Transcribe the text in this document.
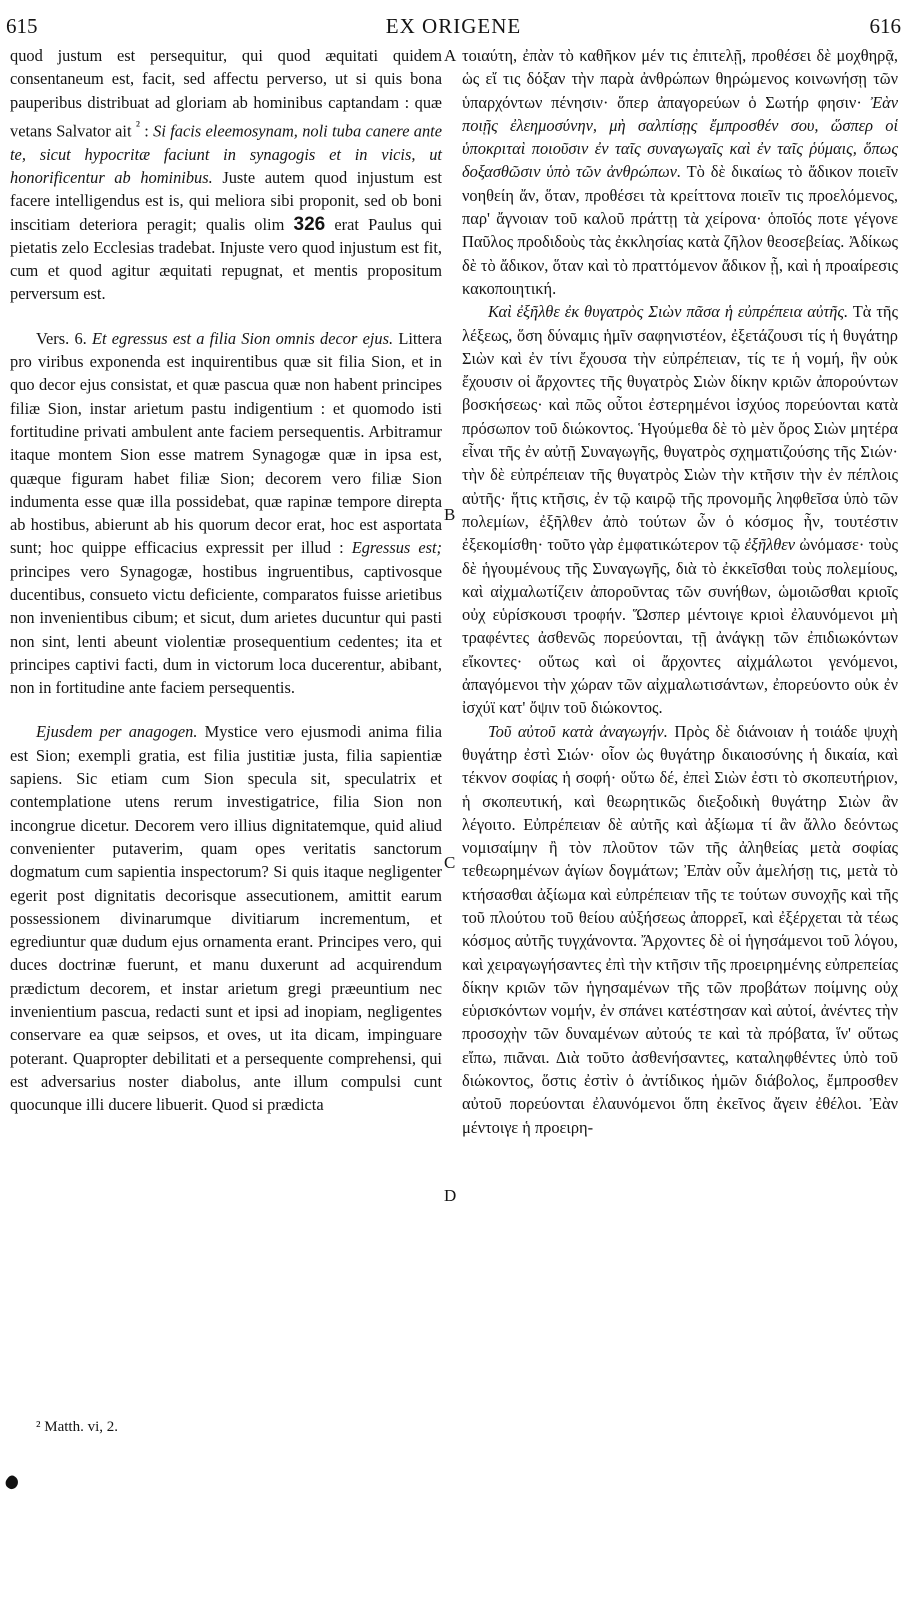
615	EX ORIGENE	616

quod justum est persequitur, qui quod æquitati quidem consentaneum est, facit, sed affectu perverso, ut si quis bona pauperibus distribuat ad gloriam ab hominibus captandam : quæ vetans Salvator ait $^{^2}$ : Si facis eleemosynam, noli tuba canere ante te, sicut hypocritæ faciunt in synagogis et in vicis, ut honorificentur ab hominibus. Juste autem quod injustum est facere intelligendus est is, qui meliora sibi proponit, sed ob boni inscitiam deteriora peragit; qualis olim 326 erat Paulus qui pietatis zelo Ecclesias tradebat. Injuste vero quod injustum est fit, cum et quod agitur æquitati repugnat, et mentis propositum perversum est.

Vers. 6. Et egressus est a filia Sion omnis decor ejus. Littera pro viribus exponenda est inquirentibus quæ sit filia Sion, et in quo decor ejus consistat, et quæ pascua quæ non habent principes filiæ Sion, instar arietum pastu indigentium : et quomodo isti fortitudine privati ambulent ante faciem persequentis. Arbitramur itaque montem Sion esse matrem Synagogæ quæ in ipsa est, quæque figuram habet filiæ Sion; decorem vero filiæ Sion indumenta esse quæ illa possidebat, quæ rapinæ tempore direpta ab hostibus, abierunt ab his quorum decor erat, hoc est asportata sunt; hoc quippe efficacius expressit per illud : Egressus est; principes vero Synagogæ, hostibus ingruentibus, captivosque ducentibus, consueto victu deficiente, comparatos fuisse arietibus non invenientibus cibum; et sicut, dum arietes ducuntur qui pasti non sint, lenti abeunt violentiæ prosequentium cedentes; ita et principes captivi facti, dum in victorum loca ducerentur, abibant, non in fortitudine ante faciem persequentis.

Ejusdem per anagogen. Mystice vero ejusmodi anima filia est Sion; exempli gratia, est filia justitiæ justa, filia sapientiæ sapiens. Sic etiam cum Sion specula sit, speculatrix et contemplatione utens rerum investigatrice, filia Sion non incongrue dicetur. Decorem vero illius dignitatemque, quid aliud convenienter putaverim, quam opes veritatis sanctorum dogmatum cum sapientia inspectorum? Si quis itaque negligenter egerit post dignitatis decorisque assecutionem, amittit earum possessionem divinarumque divitiarum incrementum, et egrediuntur quæ dudum ejus ornamenta erant. Principes vero, qui duces doctrinæ fuerunt, et manu duxerunt ad acquirendum prædictum decorem, et instar arietum gregi præeuntium nec invenientium pascua, redacti sunt et ipsi ad inopiam, negligentes conservare ea quæ seipsos, et oves, ut ita dicam, impinguare poterant. Quapropter debilitati et a persequente comprehensi, qui est adversarius noster diabolus, ante illum compulsi cunt quocunque illi ducere libuerit. Quod si prædicta

A
B
C
D

τοιαύτη, ἐπὰν τὸ καθῆκον μέν τις ἐπιτελῇ, προθέσει δὲ μοχθηρᾷ, ὡς εἴ τις δόξαν τὴν παρὰ ἀνθρώπων θηρώμενος κοινωνήσῃ τῶν ὑπαρχόντων πένησιν· ὅπερ ἀπαγορεύων ὁ Σωτήρ φησιν· Ἐὰν ποιῇς ἐλεημοσύνην, μὴ σαλπίσῃς ἔμπροσθέν σου, ὥσπερ οἱ ὑποκριταὶ ποιοῦσιν ἐν ταῖς συναγωγαῖς καὶ ἐν ταῖς ῥύμαις, ὅπως δοξασθῶσιν ὑπὸ τῶν ἀνθρώπων. Τὸ δὲ δικαίως τὸ ἄδικον ποιεῖν νοηθείη ἄν, ὅταν, προθέσει τὰ κρείττονα ποιεῖν τις προελόμενος, παρ' ἄγνοιαν τοῦ καλοῦ πράττῃ τὰ χείρονα· ὁποῖός ποτε γέγονε Παῦλος προδιδοὺς τὰς ἐκκλησίας κατὰ ζῆλον θεοσεβείας. Ἀδίκως δὲ τὸ ἄδικον, ὅταν καὶ τὸ πραττόμενον ἄδικον ᾖ, καὶ ἡ προαίρεσις κακοποιητική.

Καὶ ἐξῆλθε ἐκ θυγατρὸς Σιὼν πᾶσα ἡ εὐπρέπεια αὐτῆς. Τὰ τῆς λέξεως, ὅση δύναμις ἡμῖν σαφηνιστέον, ἐξετάζουσι τίς ἡ θυγάτηρ Σιὼν καὶ ἐν τίνι ἔχουσα τὴν εὐπρέπειαν, τίς τε ἡ νομή, ἣν οὐκ ἔχουσιν οἱ ἄρχοντες τῆς θυγατρὸς Σιὼν δίκην κριῶν ἀπορούντων βοσκήσεως· καὶ πῶς οὗτοι ἐστερημένοι ἰσχύος πορεύονται κατὰ πρόσωπον τοῦ διώκοντος. Ἡγούμεθα δὲ τὸ μὲν ὄρος Σιὼν μητέρα εἶναι τῆς ἐν αὐτῇ Συναγωγῆς, θυγατρὸς σχηματιζούσης τῆς Σιών· τὴν δὲ εὐπρέπειαν τῆς θυγατρὸς Σιὼν τὴν κτῆσιν τὴν ἐν πέπλοις αὐτῆς· ἥτις κτῆσις, ἐν τῷ καιρῷ τῆς προνομῆς ληφθεῖσα ὑπὸ τῶν πολεμίων, ἐξῆλθεν ἀπὸ τούτων ὧν ὁ κόσμος ἦν, τουτέστιν ἐξεκομίσθη· τοῦτο γὰρ ἐμφατικώτερον τῷ ἐξῆλθεν ὠνόμασε· τοὺς δὲ ἡγουμένους τῆς Συναγωγῆς, διὰ τὸ ἐκκεῖσθαι τοὺς πολεμίους, καὶ αἰχμαλωτίζειν ἀποροῦντας τῶν συνήθων, ὡμοιῶσθαι κριοῖς οὐχ εὑρίσκουσι τροφήν. Ὥσπερ μέντοιγε κριοὶ ἐλαυνόμενοι μὴ τραφέντες ἀσθενῶς πορεύονται, τῇ ἀνάγκῃ τῶν ἐπιδιωκόντων εἴκοντες· οὕτως καὶ οἱ ἄρχοντες αἰχμάλωτοι γενόμενοι, ἀπαγόμενοι τὴν χώραν τῶν αἰχμαλωτισάντων, ἐπορεύοντο οὐκ ἐν ἰσχύϊ κατ' ὄψιν τοῦ διώκοντος.

Τοῦ αὐτοῦ κατὰ ἀναγωγήν. Πρὸς δὲ διάνοιαν ἡ τοιάδε ψυχὴ θυγάτηρ ἐστὶ Σιών· οἷον ὡς θυγάτηρ δικαιοσύνης ἡ δικαία, καὶ τέκνον σοφίας ἡ σοφή· οὕτω δέ, ἐπεὶ Σιὼν ἐστι τὸ σκοπευτήριον, ἡ σκοπευτική, καὶ θεωρητικῶς διεξοδικὴ θυγάτηρ Σιὼν ἂν λέγοιτο. Εὐπρέπειαν δὲ αὐτῆς καὶ ἀξίωμα τί ἂν ἄλλο δεόντως νομισαίμην ἢ τὸν πλοῦτον τῶν τῆς ἀληθείας μετὰ σοφίας τεθεωρημένων ἁγίων δογμάτων; Ἐπὰν οὖν ἀμελήσῃ τις, μετὰ τὸ κτήσασθαι ἀξίωμα καὶ εὐπρέπειαν τῆς τε τούτων συνοχῆς καὶ τῆς τοῦ πλούτου τοῦ θείου αὐξήσεως ἀπορρεῖ, καὶ ἐξέρχεται τὰ τέως κόσμος αὐτῆς τυγχάνοντα. Ἄρχοντες δὲ οἱ ἡγησάμενοι τοῦ λόγου, καὶ χειραγωγήσαντες ἐπὶ τὴν κτῆσιν τῆς προειρημένης εὐπρεπείας δίκην κριῶν τῶν ἡγησαμένων τῆς τῶν προβάτων ποίμνης οὐχ εὑρισκόντων νομήν, ἐν σπάνει κατέστησαν καὶ αὐτοί, ἀνέντες τὴν προσοχὴν τῶν δυναμένων αὐτούς τε καὶ τὰ πρόβατα, ἵν' οὕτως εἴπω, πιᾶναι. Διὰ τοῦτο ἀσθενήσαντες, καταληφθέντες ὑπὸ τοῦ διώκοντος, ὅστις ἐστὶν ὁ ἀντίδικος ἡμῶν διάβολος, ἔμπροσθεν αὐτοῦ πορεύονται ἐλαυνόμενοι ὅπη ἐκεῖνος ἄγειν ἐθέλοι. Ἐὰν μέντοιγε ἡ προειρη-

² Matth. vi, 2.
